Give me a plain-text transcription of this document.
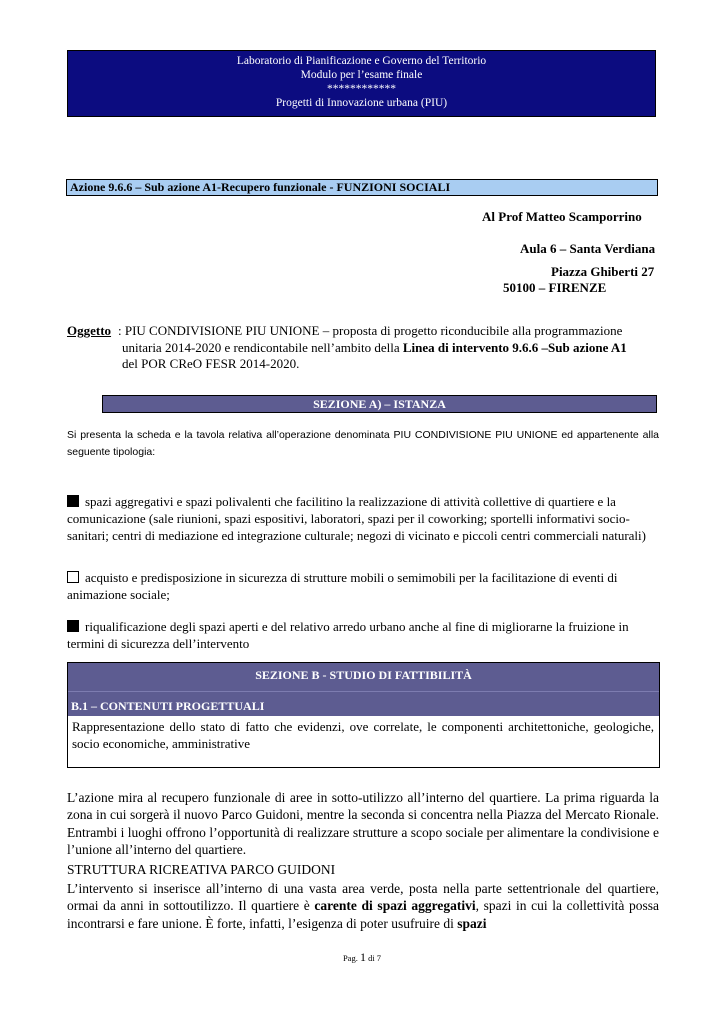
Laboratorio di Pianificazione e Governo del Territorio
Modulo per l’esame finale
************
Progetti di Innovazione urbana (PIU)
Azione 9.6.6 – Sub azione A1-Recupero funzionale - FUNZIONI SOCIALI
Al Prof Matteo Scamporrino
Aula 6 – Santa Verdiana
Piazza Ghiberti 27
50100 – FIRENZE
Oggetto : PIU CONDIVISIONE PIU UNIONE – proposta di progetto riconducibile alla programmazione
unitaria 2014-2020 e rendicontabile nell’ambito della Linea di intervento 9.6.6 –Sub azione A1
del POR CReO FESR 2014-2020.
SEZIONE A) – ISTANZA
Si presenta la scheda e la tavola relativa all’operazione denominata PIU CONDIVISIONE PIU UNIONE ed appartenente alla seguente tipologia:
spazi aggregativi e spazi polivalenti che facilitino la realizzazione di attività collettive di quartiere e la comunicazione (sale riunioni, spazi espositivi, laboratori, spazi per il coworking; sportelli informativi socio-sanitari; centri di mediazione ed integrazione culturale; negozi di vicinato e piccoli centri commerciali naturali)
acquisto e predisposizione in sicurezza di strutture mobili o semimobili per la facilitazione di eventi di animazione sociale;
riqualificazione degli spazi aperti e del relativo arredo urbano anche al fine di migliorarne la fruizione in termini di sicurezza dell’intervento
SEZIONE B - STUDIO DI FATTIBILITÀ
B.1 – CONTENUTI PROGETTUALI
Rappresentazione dello stato di fatto che evidenzi, ove correlate, le componenti architettoniche, geologiche, socio economiche, amministrative
L’azione mira al recupero funzionale di aree in sotto-utilizzo all’interno del quartiere. La prima riguarda la zona in cui sorgerà il nuovo Parco Guidoni, mentre la seconda si concentra nella Piazza del Mercato Rionale. Entrambi i luoghi offrono l’opportunità di realizzare strutture a scopo sociale per alimentare la condivisione e l’unione all’interno del quartiere.
STRUTTURA RICREATIVA PARCO GUIDONI
L’intervento si inserisce all’interno di una vasta area verde, posta nella parte settentrionale del quartiere, ormai da anni in sottoutilizzo. Il quartiere è carente di spazi aggregativi, spazi in cui la collettività possa incontrarsi e fare unione. È forte, infatti, l’esigenza di poter usufruire di spazi
Pag. 1 di 7
